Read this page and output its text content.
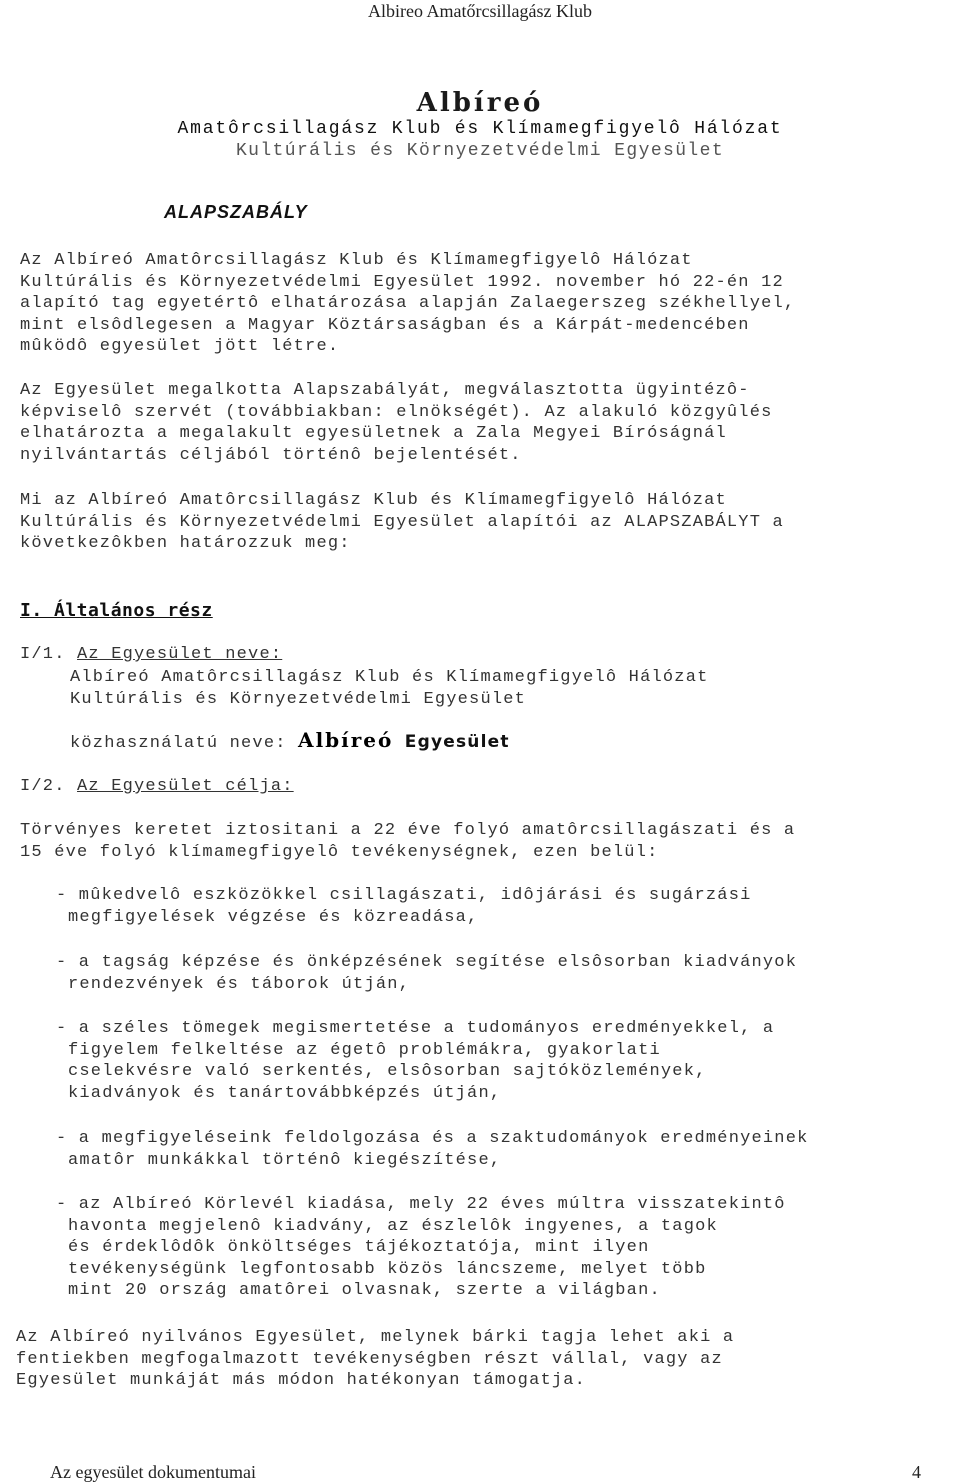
Albireo Amatőrcsillagász Klub
Albíreó
Amatôrcsillagász Klub és Klímamegfigyelô Hálózat
Kultúrális és Környezetvédelmi Egyesület
ALAPSZABÁLY
Az Albíreó Amatôrcsillagász Klub és Klímamegfigyelô Hálózat
Kultúrális és Környezetvédelmi Egyesület 1992. november hó 22-én 12
alapító tag egyetértô elhatározása alapján Zalaegerszeg székhellyel,
mint elsôdlegesen a Magyar Köztársaságban és a Kárpát-medencében
mûködô egyesület jött létre.
Az Egyesület megalkotta Alapszabályát, megválasztotta ügyintézô-
képviselô szervét (továbbiakban: elnökségét). Az alakuló közgyûlés
elhatározta a megalakult egyesületnek a Zala Megyei Bíróságnál
nyilvántartás céljából történô bejelentését.
Mi az Albíreó Amatôrcsillagász Klub és Klímamegfigyelô Hálózat
Kultúrális és Környezetvédelmi Egyesület alapítói az ALAPSZABÁLYT a
következôkben határozzuk meg:
I. Általános rész
I/1. Az Egyesület neve:
Albíreó Amatôrcsillagász Klub és Klímamegfigyelô Hálózat
Kultúrális és Környezetvédelmi Egyesület
közhasználatú neve: Albíreó Egyesület
I/2. Az Egyesület célja:
Törvényes keretet iztositani a 22 éve folyó amatôrcsillagászati és a
15 éve folyó klímamegfigyelô tevékenységnek, ezen belül:
- mûkedvelô eszközökkel csillagászati, idôjárási és sugárzási
megfigyelések végzése és közreadása,
- a tagság képzése és önképzésének segítése elsôsorban kiadványok
rendezvények és táborok útján,
- a széles tömegek megismertetése a tudományos eredményekkel, a
figyelem felkeltése az égetô problémákra, gyakorlati
cselekvésre való serkentés, elsôsorban sajtóközlemények,
kiadványok és tanártovábbképzés útján,
- a megfigyeléseink feldolgozása és a szaktudományok eredményeinek
amatôr munkákkal történô kiegészítése,
- az Albíreó Körlevél kiadása, mely 22 éves múltra visszatekintô
havonta megjelenô kiadvány, az észlelôk ingyenes, a tagok
és érdeklôdôk önköltséges tájékoztatója, mint ilyen
tevékenységünk legfontosabb közös láncszeme, melyet több
mint 20 ország amatôrei olvasnak, szerte a világban.
Az Albíreó nyilvános Egyesület, melynek bárki tagja lehet aki a
fentiekben megfogalmazott tevékenységben részt vállal, vagy az
Egyesület munkáját más módon hatékonyan támogatja.
Az egyesület dokumentumai	4
